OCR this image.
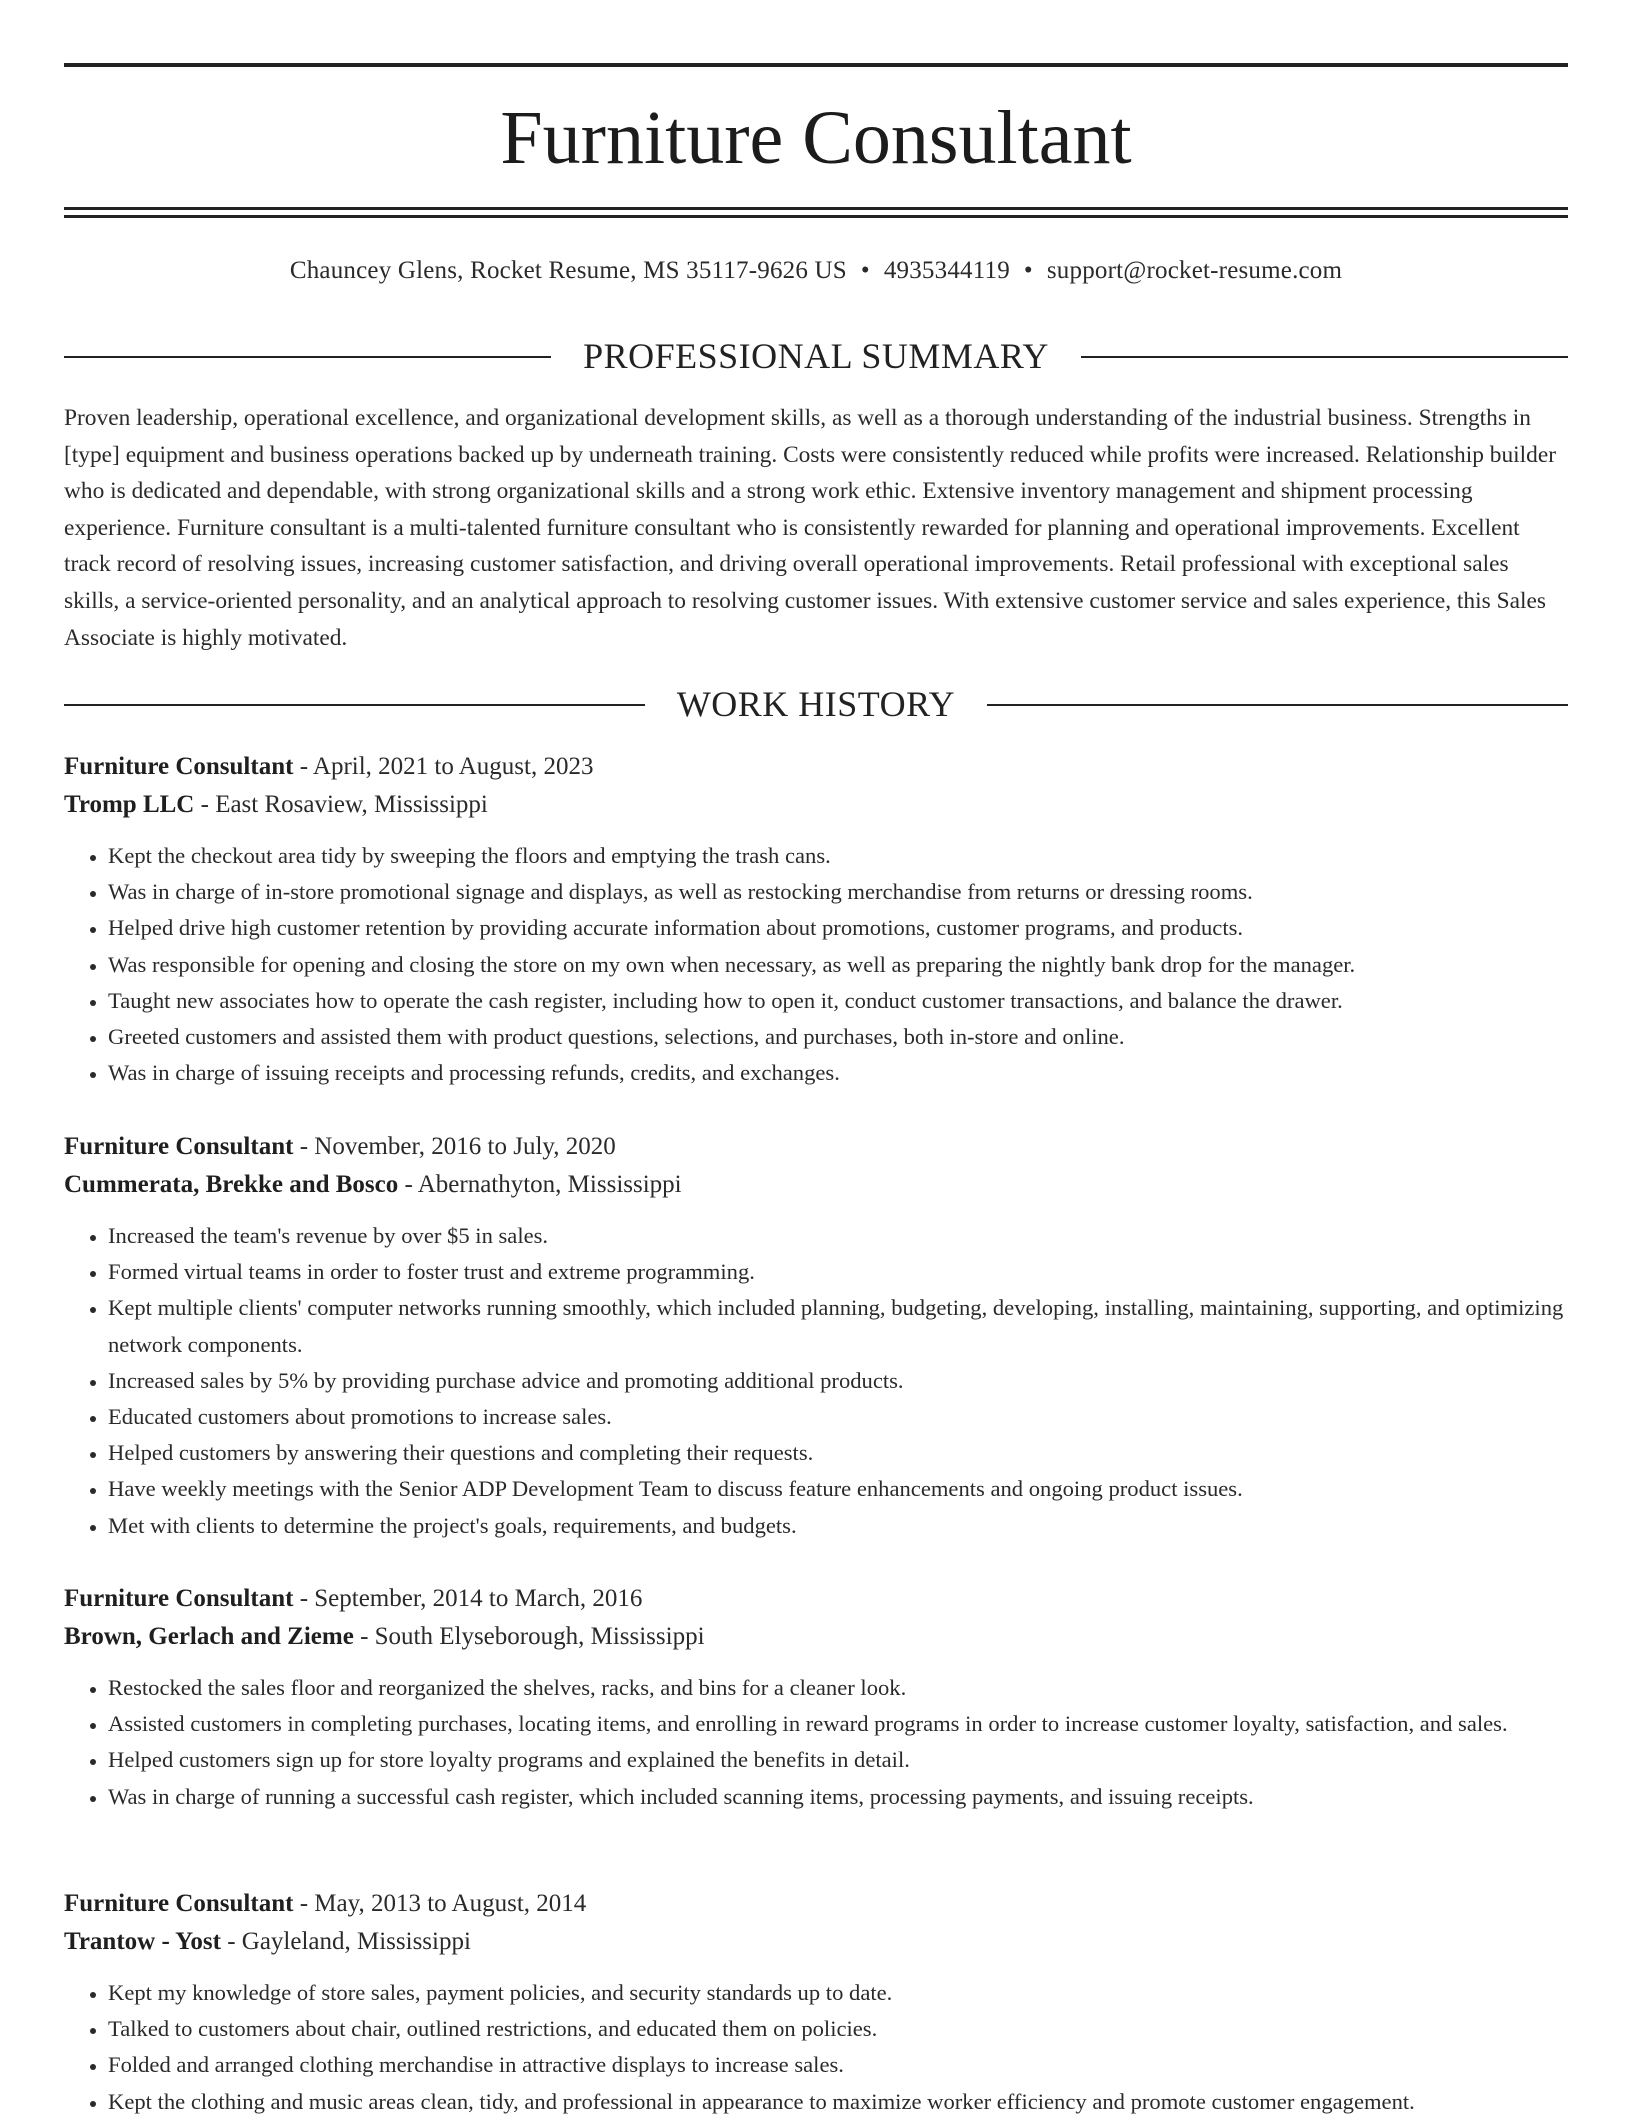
Furniture Consultant
Chauncey Glens, Rocket Resume, MS 35117-9626 US • 4935344119 • support@rocket-resume.com
PROFESSIONAL SUMMARY

Proven leadership, operational excellence, and organizational development skills, as well as a thorough understanding of the industrial business. Strengths in [type] equipment and business operations backed up by underneath training. Costs were consistently reduced while profits were increased. Relationship builder who is dedicated and dependable, with strong organizational skills and a strong work ethic. Extensive inventory management and shipment processing experience. Furniture consultant is a multi-talented furniture consultant who is consistently rewarded for planning and operational improvements. Excellent track record of resolving issues, increasing customer satisfaction, and driving overall operational improvements. Retail professional with exceptional sales skills, a service-oriented personality, and an analytical approach to resolving customer issues. With extensive customer service and sales experience, this Sales Associate is highly motivated.

WORK HISTORY
Furniture Consultant - April, 2021 to August, 2023
Tromp LLC - East Rosaview, Mississippi
• Kept the checkout area tidy by sweeping the floors and emptying the trash cans.
• Was in charge of in-store promotional signage and displays, as well as restocking merchandise from returns or dressing rooms.
• Helped drive high customer retention by providing accurate information about promotions, customer programs, and products.
• Was responsible for opening and closing the store on my own when necessary, as well as preparing the nightly bank drop for the manager.
• Taught new associates how to operate the cash register, including how to open it, conduct customer transactions, and balance the drawer.
• Greeted customers and assisted them with product questions, selections, and purchases, both in-store and online.
• Was in charge of issuing receipts and processing refunds, credits, and exchanges.
Furniture Consultant - November, 2016 to July, 2020
Cummerata, Brekke and Bosco - Abernathyton, Mississippi
• Increased the team's revenue by over $5 in sales.
• Formed virtual teams in order to foster trust and extreme programming.
• Kept multiple clients' computer networks running smoothly, which included planning, budgeting, developing, installing, maintaining, supporting, and optimizing network components.
• Increased sales by 5% by providing purchase advice and promoting additional products.
• Educated customers about promotions to increase sales.
• Helped customers by answering their questions and completing their requests.
• Have weekly meetings with the Senior ADP Development Team to discuss feature enhancements and ongoing product issues.
• Met with clients to determine the project's goals, requirements, and budgets.
Furniture Consultant - September, 2014 to March, 2016
Brown, Gerlach and Zieme - South Elyseborough, Mississippi
• Restocked the sales floor and reorganized the shelves, racks, and bins for a cleaner look.
• Assisted customers in completing purchases, locating items, and enrolling in reward programs in order to increase customer loyalty, satisfaction, and sales.
• Helped customers sign up for store loyalty programs and explained the benefits in detail.
• Was in charge of running a successful cash register, which included scanning items, processing payments, and issuing receipts.
Furniture Consultant - May, 2013 to August, 2014
Trantow - Yost - Gayleland, Mississippi
• Kept my knowledge of store sales, payment policies, and security standards up to date.
• Talked to customers about chair, outlined restrictions, and educated them on policies.
• Folded and arranged clothing merchandise in attractive displays to increase sales.
• Kept the clothing and music areas clean, tidy, and professional in appearance to maximize worker efficiency and promote customer engagement.
